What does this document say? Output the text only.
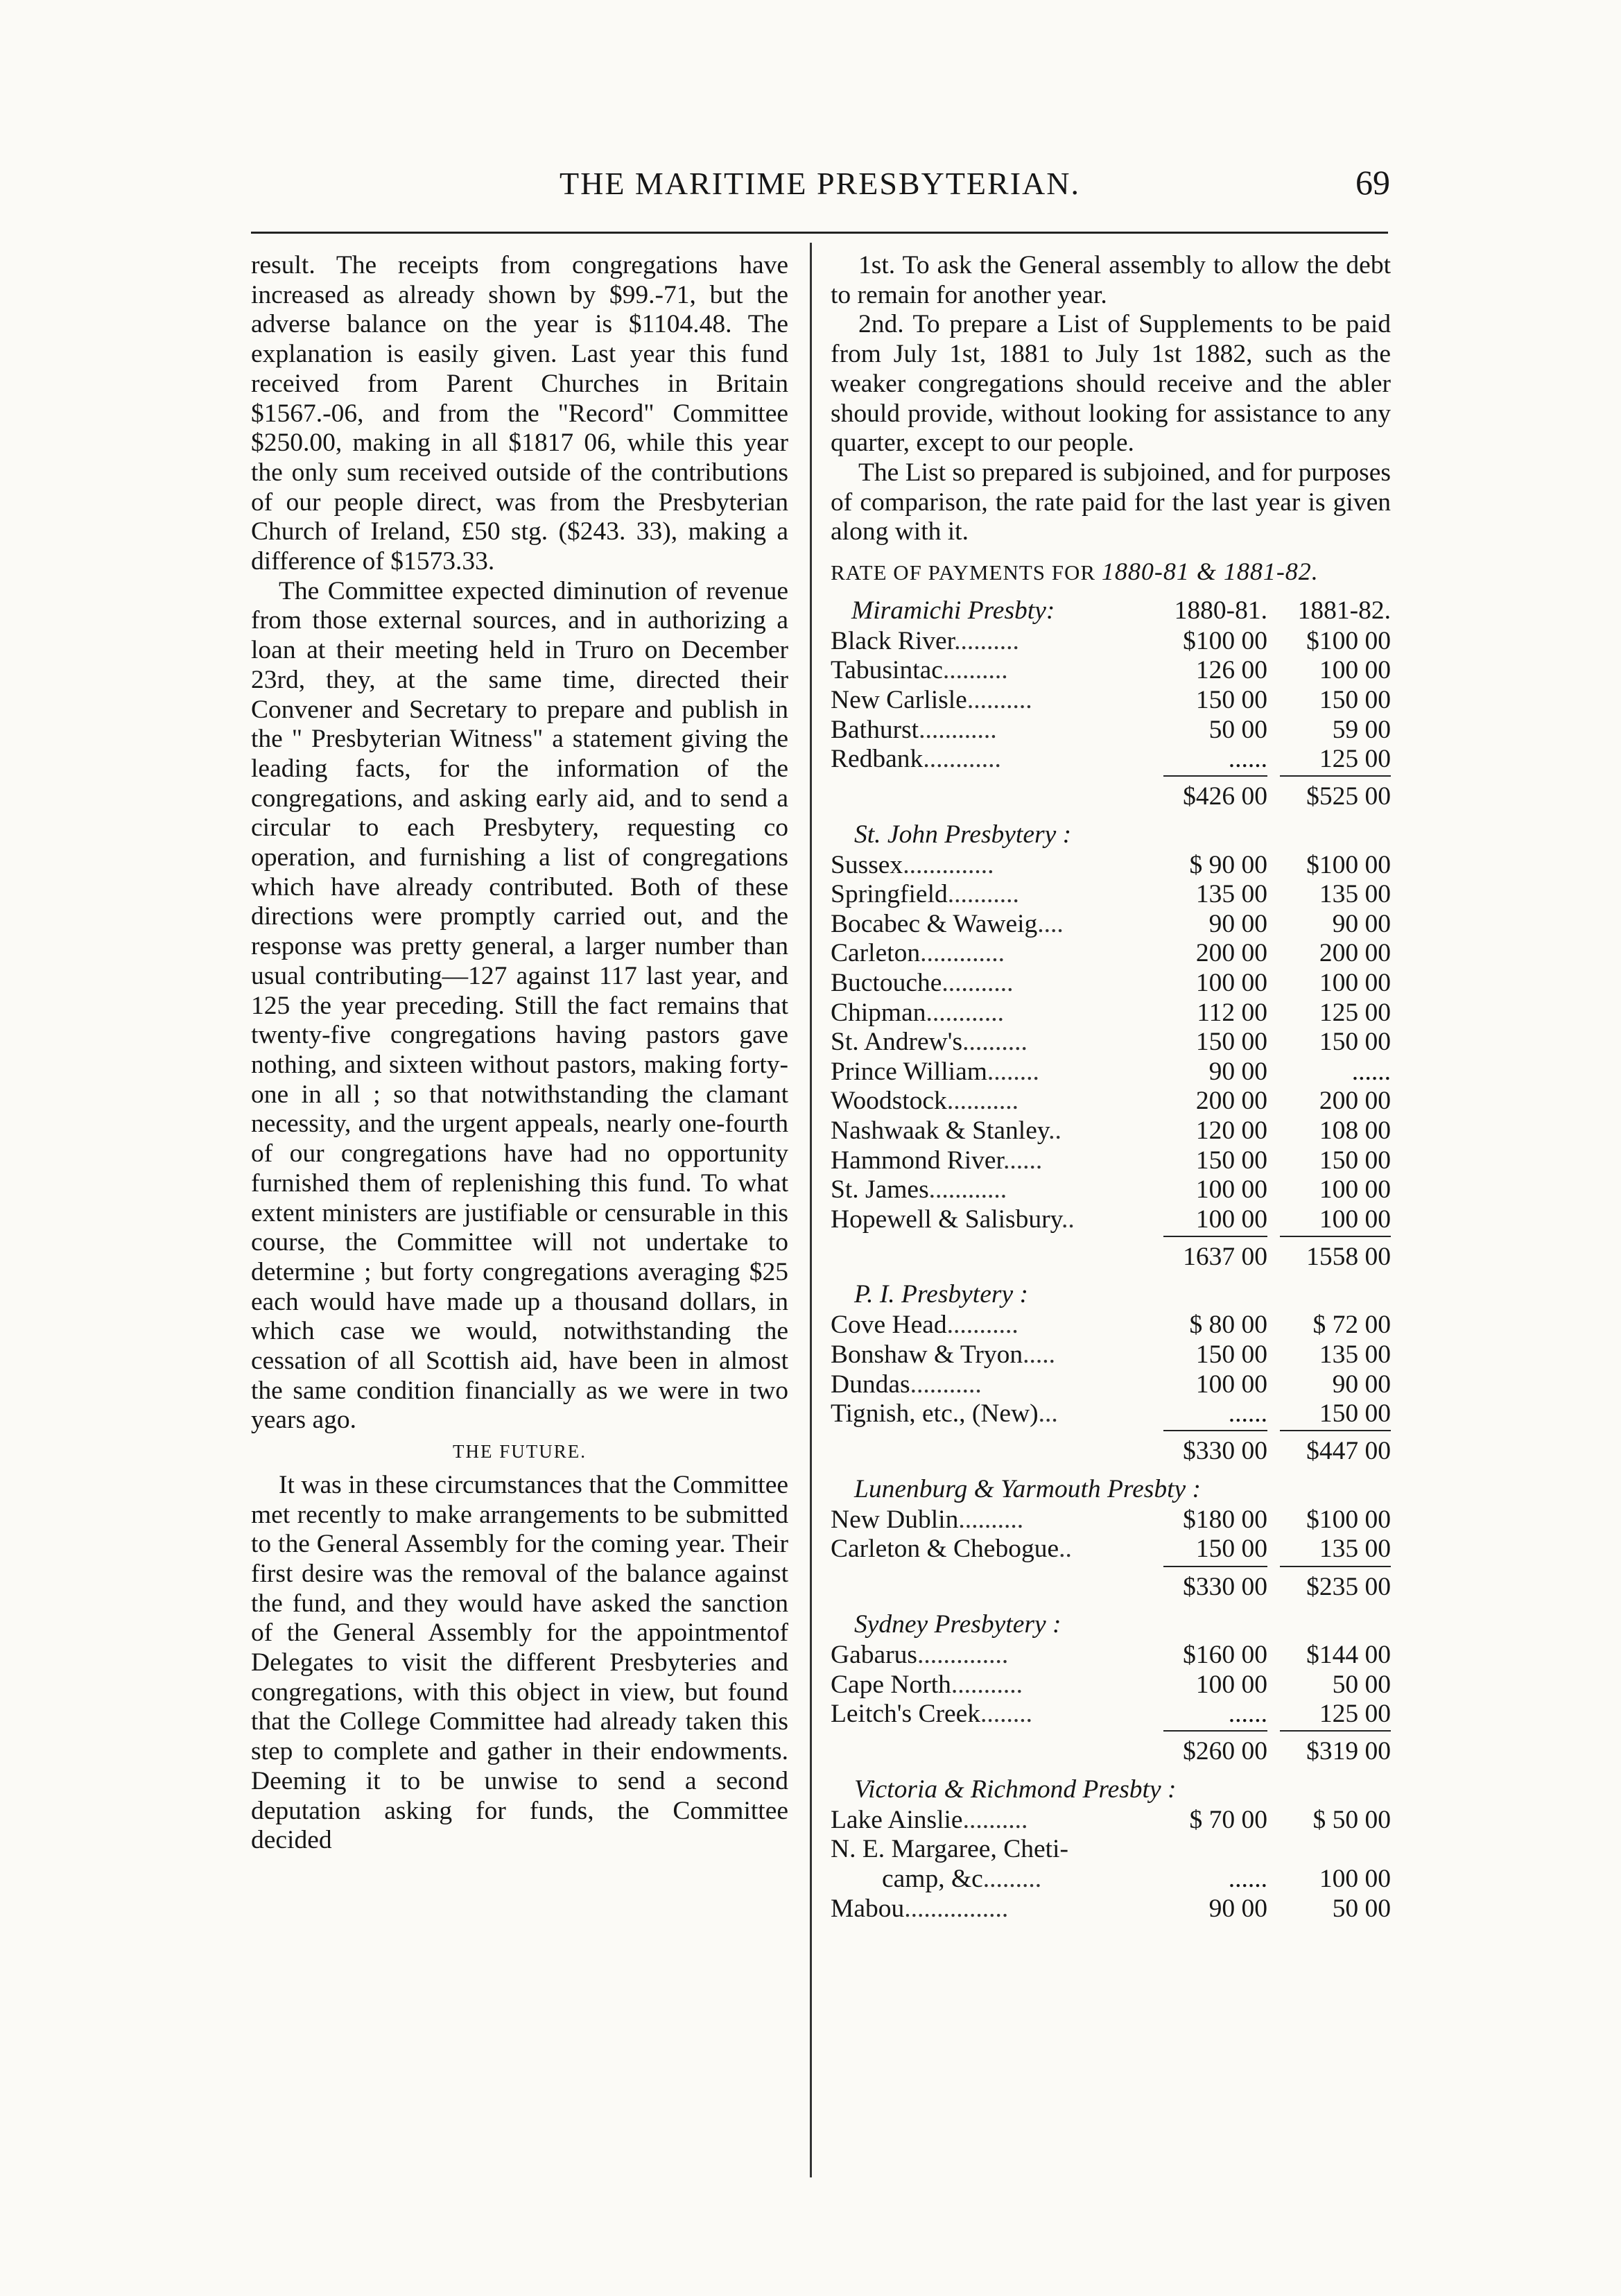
THE MARITIME PRESBYTERIAN.	69

result. The receipts from congregations have increased as already shown by $99.-71, but the adverse balance on the year is $1104.48. The explanation is easily given. Last year this fund received from Parent Churches in Britain $1567.-06, and from the "Record" Committee $250.00, making in all $1817 06, while this year the only sum received outside of the contributions of our people direct, was from the Presbyterian Church of Ireland, £50 stg. ($243. 33), making a difference of $1573.33.

The Committee expected diminution of revenue from those external sources, and in authorizing a loan at their meeting held in Truro on December 23rd, they, at the same time, directed their Convener and Secretary to prepare and publish in the " Presbyterian Witness" a statement giving the leading facts, for the information of the congregations, and asking early aid, and to send a circular to each Presbytery, requesting co operation, and furnishing a list of congregations which have already contributed. Both of these directions were promptly carried out, and the response was pretty general, a larger number than usual contributing—127 against 117 last year, and 125 the year preceding. Still the fact remains that twenty-five congregations having pastors gave nothing, and sixteen without pastors, making forty-one in all ; so that notwithstanding the clamant necessity, and the urgent appeals, nearly one-fourth of our congregations have had no opportunity furnished them of replenishing this fund. To what extent ministers are justifiable or censurable in this course, the Committee will not undertake to determine ; but forty congregations averaging $25 each would have made up a thousand dollars, in which case we would, notwithstanding the cessation of all Scottish aid, have been in almost the same condition financially as we were in two years ago.

THE FUTURE.

It was in these circumstances that the Committee met recently to make arrangements to be submitted to the General Assembly for the coming year. Their first desire was the removal of the balance against the fund, and they would have asked the sanction of the General Assembly for the appointmentof Delegates to visit the different Presbyteries and congregations, with this object in view, but found that the College Committee had already taken this step to complete and gather in their endowments. Deeming it to be unwise to send a second deputation asking for funds, the Committee decided

1st. To ask the General assembly to allow the debt to remain for another year.

2nd. To prepare a List of Supplements to be paid from July 1st, 1881 to July 1st 1882, such as the weaker congregations should receive and the abler should provide, without looking for assistance to any quarter, except to our people.

The List so prepared is subjoined, and for purposes of comparison, the rate paid for the last year is given along with it.

RATE OF PAYMENTS FOR 1880-81 & 1881-82.
Miramichi Presbty:	1880-81.	1881-82.
Black River..........	$100 00	$100 00
Tabusintac..........	126 00	100 00
New Carlisle..........	150 00	150 00
Bathurst............	50 00	59 00
Redbank............	......	125 00
$426 00	$525 00
St. John Presbytery :
Sussex..............	$ 90 00	$100 00
Springfield...........	135 00	135 00
Bocabec & Waweig....	90 00	90 00
Carleton.............	200 00	200 00
Buctouche...........	100 00	100 00
Chipman............	112 00	125 00
St. Andrew's..........	150 00	150 00
Prince William........	90 00	......
Woodstock...........	200 00	200 00
Nashwaak & Stanley..	120 00	108 00
Hammond River......	150 00	150 00
St. James............	100 00	100 00
Hopewell & Salisbury..	100 00	100 00
1637 00	1558 00
P. I. Presbytery :
Cove Head...........	$ 80 00	$ 72 00
Bonshaw & Tryon.....	150 00	135 00
Dundas...........	100 00	90 00
Tignish, etc., (New)...	......	150 00
$330 00	$447 00
Lunenburg & Yarmouth Presbty :
New Dublin..........	$180 00	$100 00
Carleton & Chebogue..	150 00	135 00
$330 00	$235 00
Sydney Presbytery :
Gabarus..............	$160 00	$144 00
Cape North...........	100 00	50 00
Leitch's Creek........	......	125 00
$260 00	$319 00
Victoria & Richmond Presbty :
Lake Ainslie..........	$ 70 00	$ 50 00
N. E. Margaree, Cheti-
camp, &c.........	......	100 00
Mabou................	90 00	50 00
